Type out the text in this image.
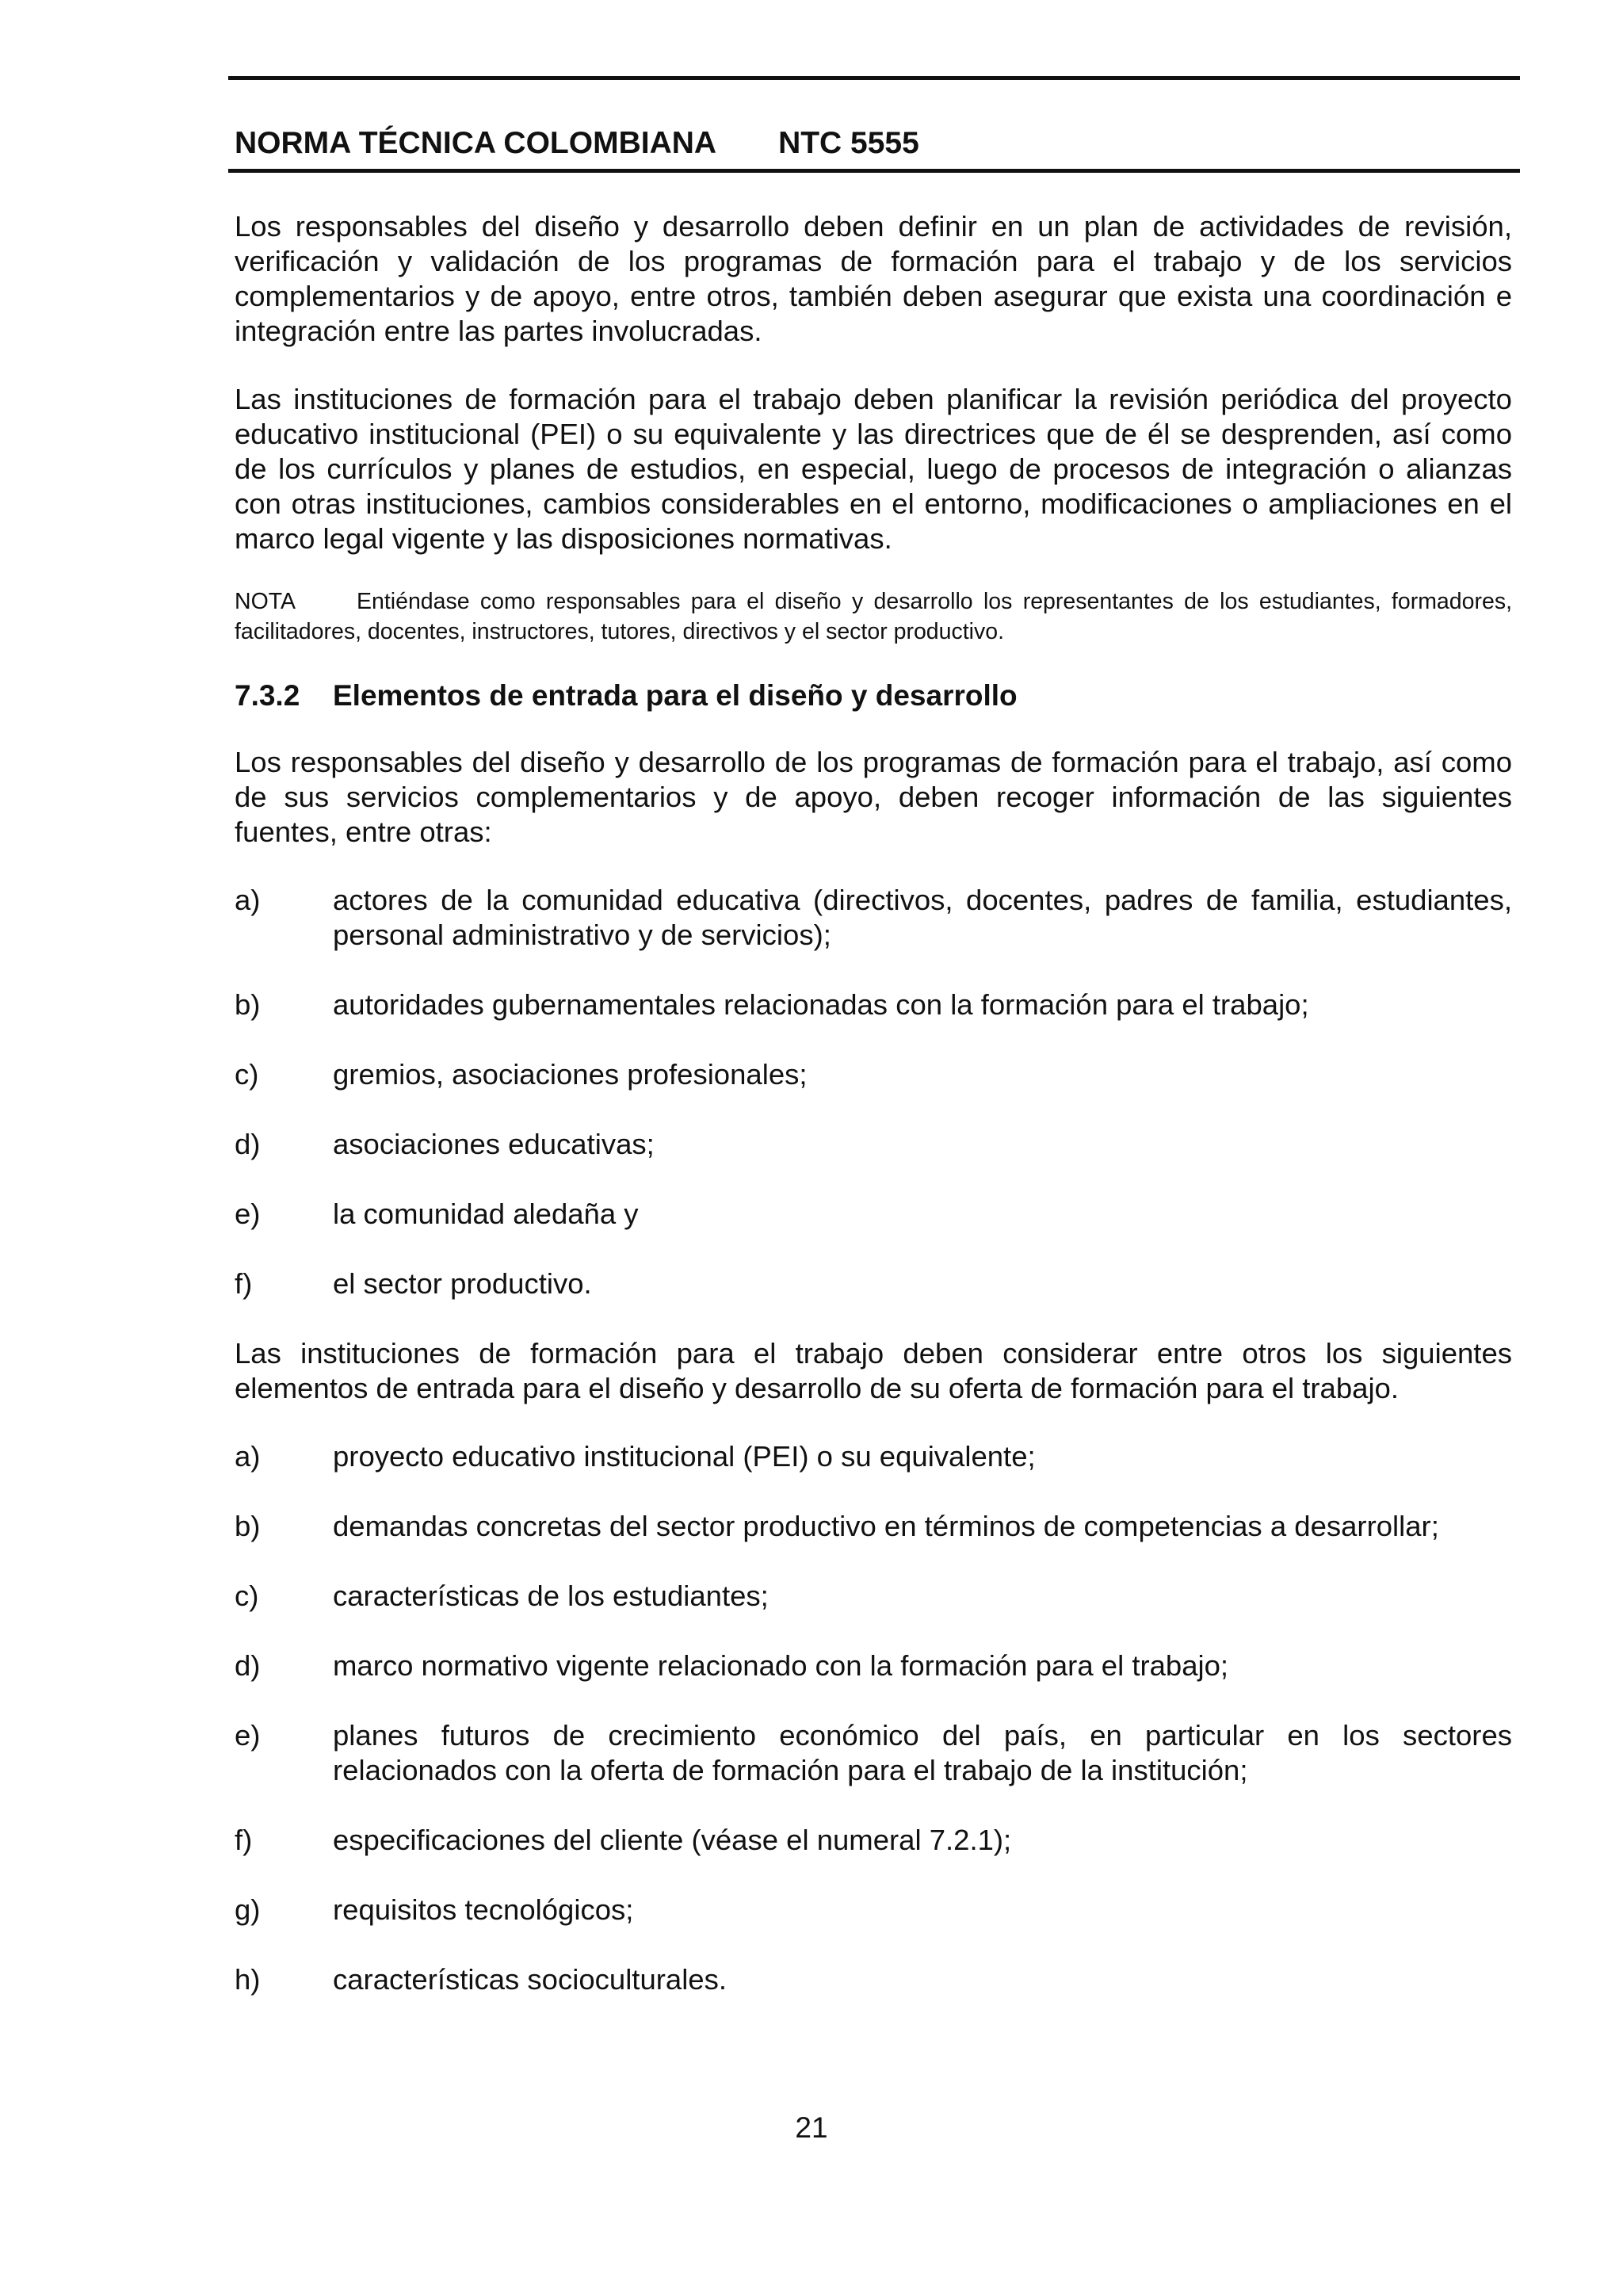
NORMA TÉCNICA COLOMBIANA NTC 5555

Los responsables del diseño y desarrollo deben definir en un plan de actividades de revisión, verificación y validación de los programas de formación para el trabajo y de los servicios complementarios y de apoyo, entre otros, también deben asegurar que exista una coordinación e integración entre las partes involucradas.

Las instituciones de formación para el trabajo deben planificar la revisión periódica del proyecto educativo institucional (PEI) o su equivalente y las directrices que de él se desprenden, así como de los currículos y planes de estudios, en especial, luego de procesos de integración o alianzas con otras instituciones, cambios considerables en el entorno, modificaciones o ampliaciones en el marco legal vigente y las disposiciones normativas.

NOTA	Entiéndase como responsables para el diseño y desarrollo los representantes de los estudiantes, formadores, facilitadores, docentes, instructores, tutores, directivos y el sector productivo.

7.3.2 Elementos de entrada para el diseño y desarrollo

Los responsables del diseño y desarrollo de los programas de formación para el trabajo, así como de sus servicios complementarios y de apoyo, deben recoger información de las siguientes fuentes, entre otras:

a)	actores de la comunidad educativa (directivos, docentes, padres de familia, estudiantes, personal administrativo y de servicios);
b)	autoridades gubernamentales relacionadas con la formación para el trabajo;
c)	gremios, asociaciones profesionales;
d)	asociaciones educativas;
e)	la comunidad aledaña y
f)	el sector productivo.

Las instituciones de formación para el trabajo deben considerar entre otros los siguientes elementos de entrada para el diseño y desarrollo de su oferta de formación para el trabajo.

a)	proyecto educativo institucional (PEI) o su equivalente;
b)	demandas concretas del sector productivo en términos de competencias a desarrollar;
c)	características de los estudiantes;
d)	marco normativo vigente relacionado con la formación para el trabajo;
e)	planes futuros de crecimiento económico del país, en particular en los sectores relacionados con la oferta de formación para el trabajo de la institución;
f)	especificaciones del cliente (véase el numeral 7.2.1);
g)	requisitos tecnológicos;
h)	características socioculturales.
21
